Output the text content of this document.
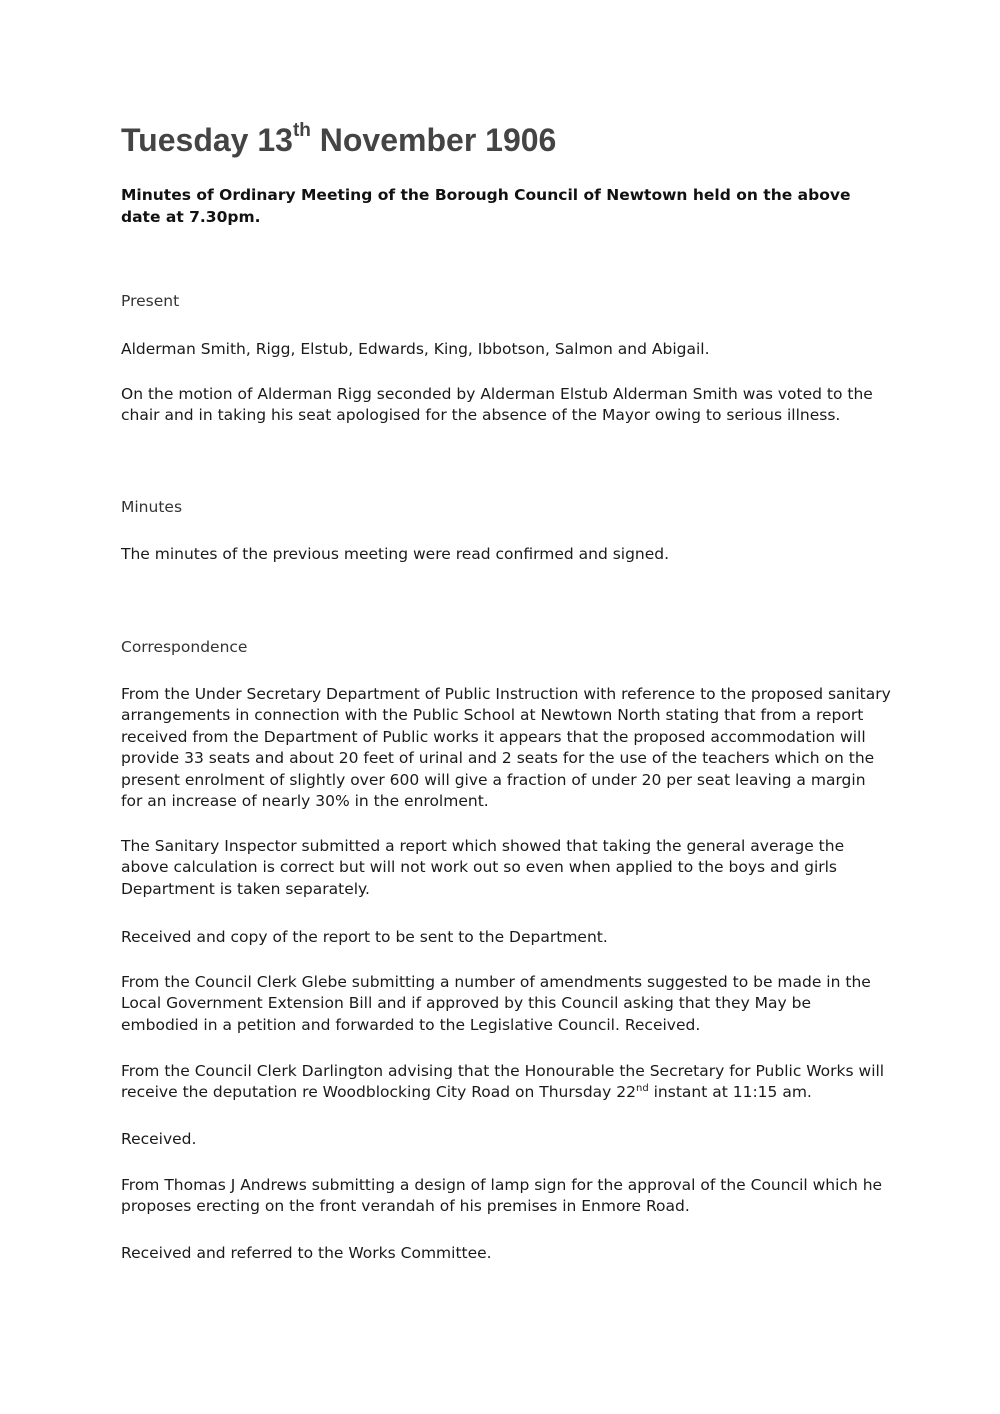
Tuesday 13th November 1906

Minutes of Ordinary Meeting of the Borough Council of Newtown held on the above date at 7.30pm.

Present

Alderman Smith, Rigg, Elstub, Edwards, King, Ibbotson, Salmon and Abigail.

On the motion of Alderman Rigg seconded by Alderman Elstub Alderman Smith was voted to the chair and in taking his seat apologised for the absence of the Mayor owing to serious illness.

Minutes

The minutes of the previous meeting were read confirmed and signed.

Correspondence

From the Under Secretary Department of Public Instruction with reference to the proposed sanitary arrangements in connection with the Public School at Newtown North stating that from a report received from the Department of Public works it appears that the proposed accommodation will provide 33 seats and about 20 feet of urinal and 2 seats for the use of the teachers which on the present enrolment of slightly over 600 will give a fraction of under 20 per seat leaving a margin for an increase of nearly 30% in the enrolment.

The Sanitary Inspector submitted a report which showed that taking the general average the above calculation is correct but will not work out so even when applied to the boys and girls Department is taken separately.

Received and copy of the report to be sent to the Department.

From the Council Clerk Glebe submitting a number of amendments suggested to be made in the Local Government Extension Bill and if approved by this Council asking that they May be embodied in a petition and forwarded to the Legislative Council. Received.

From the Council Clerk Darlington advising that the Honourable the Secretary for Public Works will receive the deputation re Woodblocking City Road on Thursday 22nd instant at 11:15 am.

Received.

From Thomas J Andrews submitting a design of lamp sign for the approval of the Council which he proposes erecting on the front verandah of his premises in Enmore Road.

Received and referred to the Works Committee.
